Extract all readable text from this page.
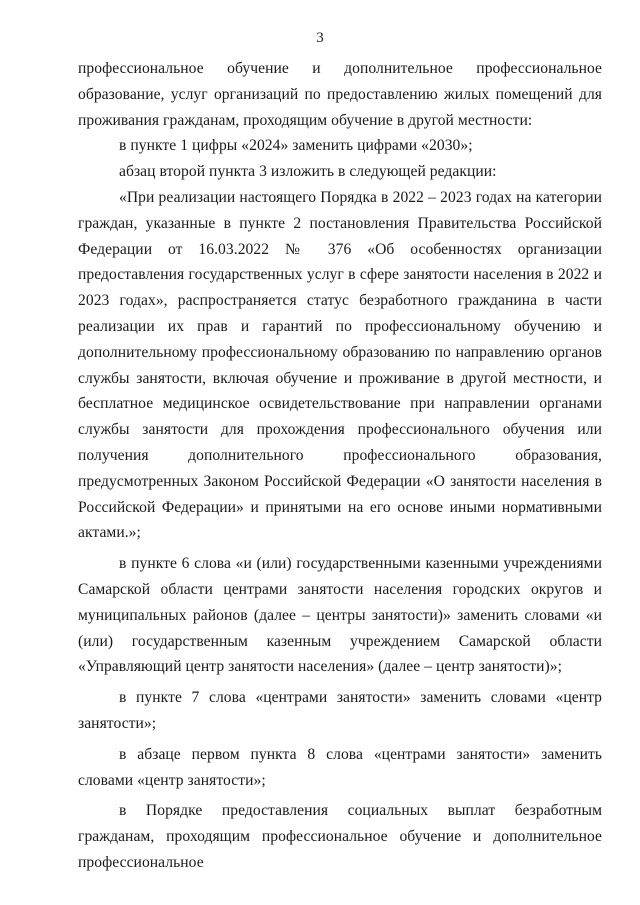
3

профессиональное обучение и дополнительное профессиональное образование, услуг организаций по предоставлению жилых помещений для проживания гражданам, проходящим обучение в другой местности:

в пункте 1 цифры «2024» заменить цифрами «2030»;

абзац второй пункта 3 изложить в следующей редакции:

«При реализации настоящего Порядка в 2022 – 2023 годах на категории граждан, указанные в пункте 2 постановления Правительства Российской Федерации от 16.03.2022 № 376 «Об особенностях организации предоставления государственных услуг в сфере занятости населения в 2022 и 2023 годах», распространяется статус безработного гражданина в части реализации их прав и гарантий по профессиональному обучению и дополнительному профессиональному образованию по направлению органов службы занятости, включая обучение и проживание в другой местности, и бесплатное медицинское освидетельствование при направлении органами службы занятости для прохождения профессионального обучения или получения дополнительного профессионального образования, предусмотренных Законом Российской Федерации «О занятости населения в Российской Федерации» и принятыми на его основе иными нормативными актами.»;

в пункте 6 слова «и (или) государственными казенными учреждениями Самарской области центрами занятости населения городских округов и муниципальных районов (далее – центры занятости)» заменить словами «и (или) государственным казенным учреждением Самарской области «Управляющий центр занятости населения» (далее – центр занятости)»;

в пункте 7 слова «центрами занятости» заменить словами «центр занятости»;

в абзаце первом пункта 8 слова «центрами занятости» заменить словами «центр занятости»;

в Порядке предоставления социальных выплат безработным гражданам, проходящим профессиональное обучение и дополнительное профессиональное
